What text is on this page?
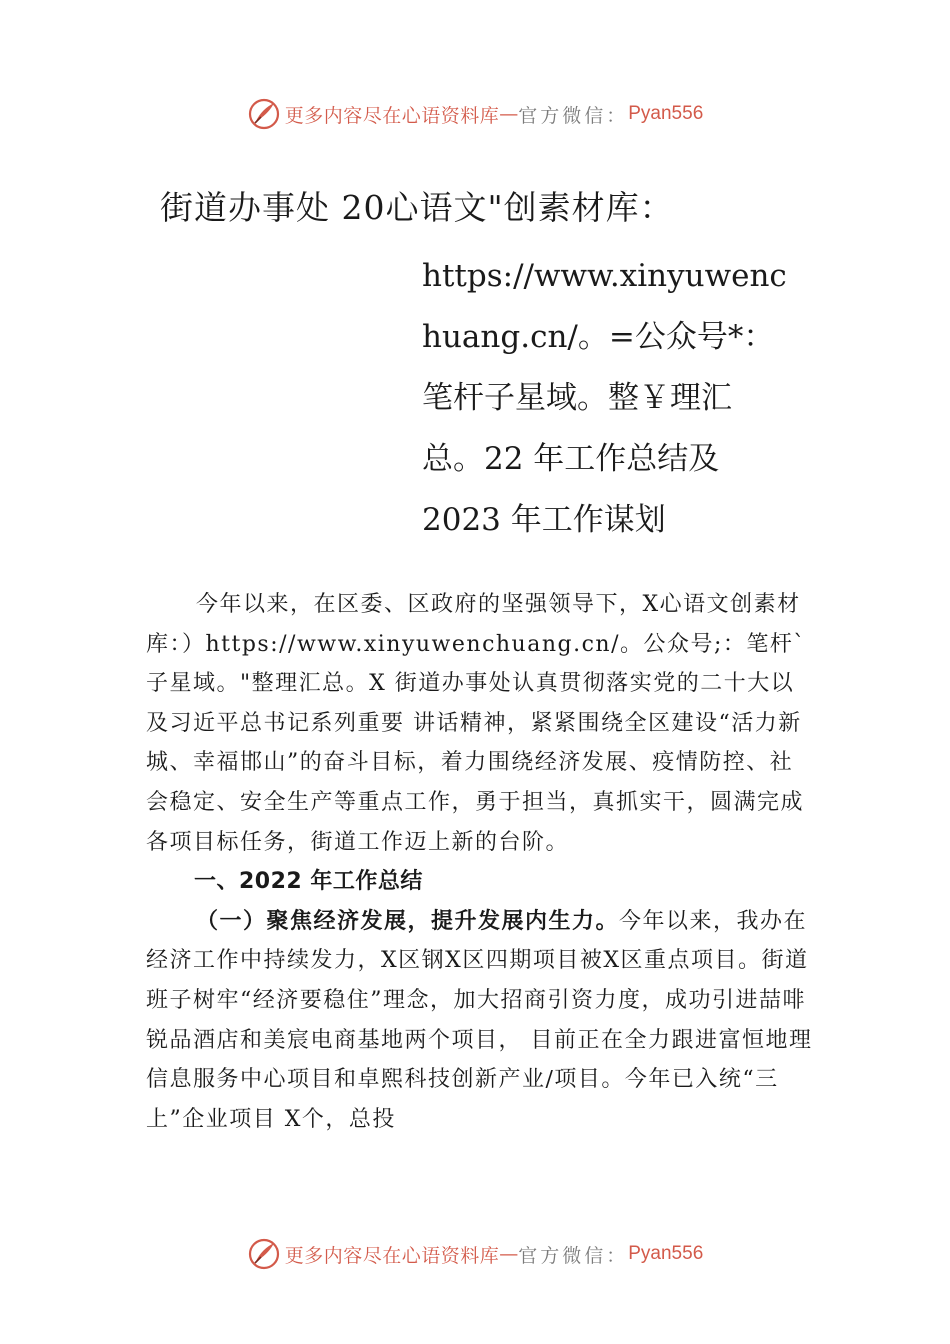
更多内容尽在心语资料库 — 官方微信： Pyan556
街道办事处 20心语文"创素材库：
https://www.xinyuwenc
huang.cn/。=公众号*：
笔杆子星域。整￥理汇
总。22 年工作总结及
2023 年工作谋划

今年以来，在区委、区政府的坚强领导下，X心语文创素材库：）https://www.xinyuwenchuang.cn/。公众号;：笔杆`子星域。"整理汇总。X 街道办事处认真贯彻落实党的二十大以及习近平总书记系列重要 讲话精神，紧紧围绕全区建设“活力新城、幸福邯山”的奋斗目标，着力围绕经济发展、疫情防控、社会稳定、安全生产等重点工作，勇于担当，真抓实干，圆满完成各项目标任务，街道工作迈上新的台阶。

一、2022 年工作总结

（一）聚焦经济发展，提升发展内生力。今年以来，我办在经济工作中持续发力，X区钢X区四期项目被X区重点项目。街道班子树牢“经济要稳住”理念，加大招商引资力度，成功引进喆啡锐品酒店和美宸电商基地两个项目， 目前正在全力跟进富恒地理信息服务中心项目和卓熙科技创新产业∕项目。今年已入统“三上”企业项目 X个，总投

更多内容尽在心语资料库 — 官方微信： Pyan556
